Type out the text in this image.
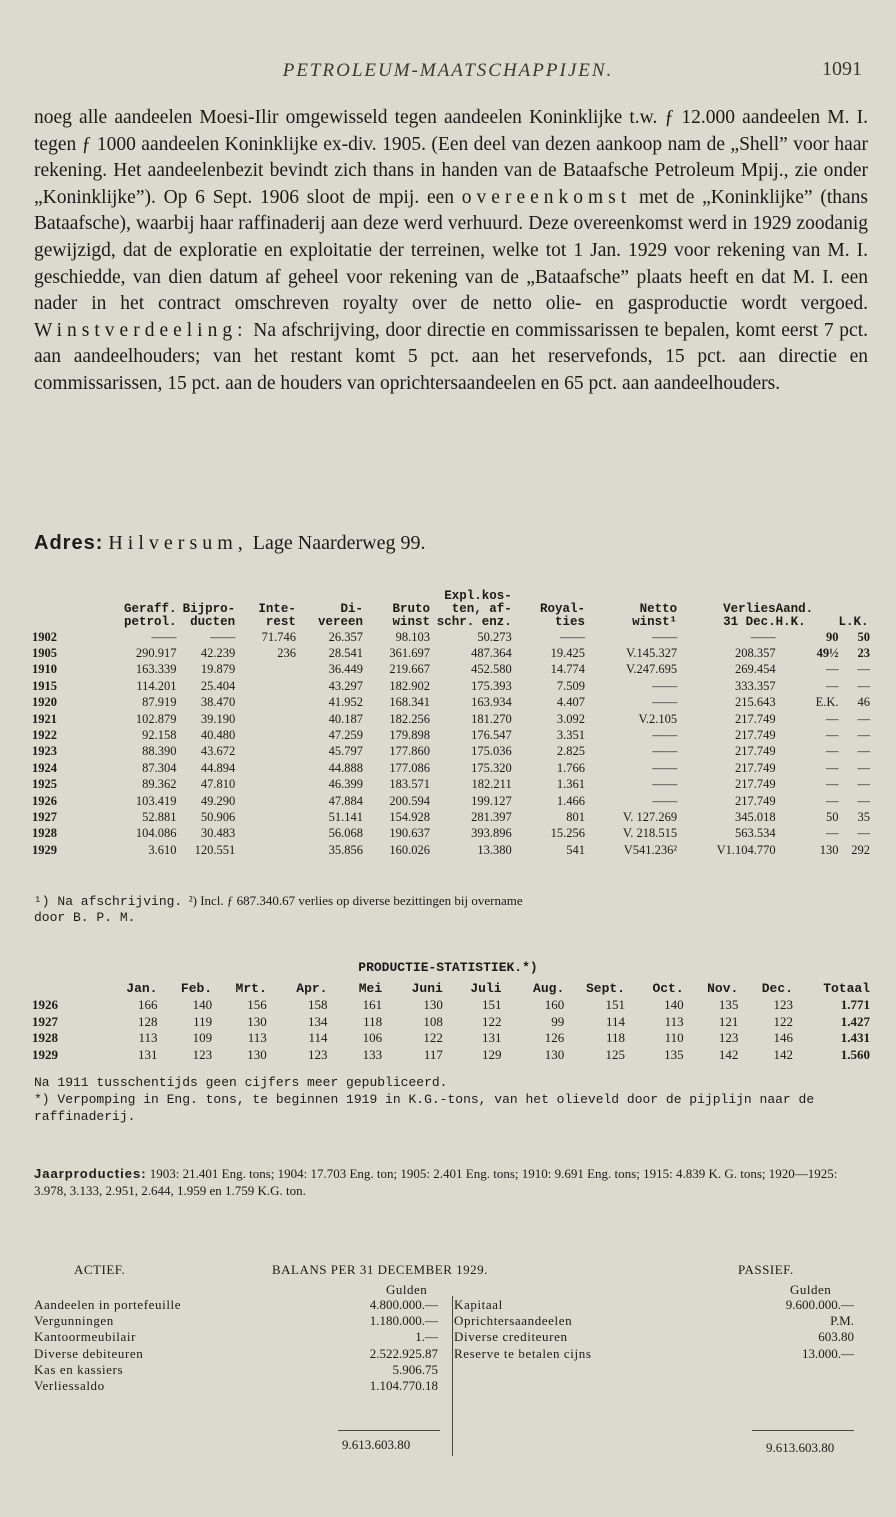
PETROLEUM-MAATSCHAPPIJEN.	1091
noeg alle aandeelen Moesi-Ilir omgewisseld tegen aandeelen Koninklijke t.w. ƒ 12.000 aandeelen M. I. tegen ƒ 1000 aandeelen Koninklijke ex-div. 1905. (Een deel van dezen aankoop nam de „Shell” voor haar rekening. Het aandeelenbezit bevindt zich thans in handen van de Bataafsche Petroleum Mpij., zie onder „Koninklijke”). Op 6 Sept. 1906 sloot de mpij. een overeenkomst met de „Koninklijke” (thans Bataafsche), waarbij haar raffinaderij aan deze werd verhuurd. Deze overeenkomst werd in 1929 zoodanig gewijzigd, dat de exploratie en exploitatie der terreinen, welke tot 1 Jan. 1929 voor rekening van M. I. geschiedde, van dien datum af geheel voor rekening van de „Bataafsche” plaats heeft en dat M. I. een nader in het contract omschreven royalty over de netto olie- en gasproductie wordt vergoed. Winstverdeeling: Na afschrijving, door directie en commissarissen te bepalen, komt eerst 7 pct. aan aandeelhouders; van het restant komt 5 pct. aan het reservefonds, 15 pct. aan directie en commissarissen, 15 pct. aan de houders van oprichtersaandeelen en 65 pct. aan aandeelhouders.
Adres: Hilversum, Lage Naarderweg 99.
						Expl.kos-					
	Geraff.	Bijpro-	Inte-	Di-	Bruto	ten, af-	Royal-	Netto	Verlies	Aand.	
	petrol.	ducten	rest	vereen	winst	schr. enz.	ties	winst¹	31 Dec.	H.K.	L.K.
1902	——	——	71.746	26.357	98.103	50.273	——	——	——	90	50
1905	290.917	42.239	236	28.541	361.697	487.364	19.425	V.145.327	208.357	49½	23
1910	163.339	19.879		36.449	219.667	452.580	14.774	V.247.695	269.454	—	—
1915	114.201	25.404		43.297	182.902	175.393	7.509	——	333.357	—	—
1920	87.919	38.470		41.952	168.341	163.934	4.407	——	215.643	E.K.	46
1921	102.879	39.190		40.187	182.256	181.270	3.092	V.2.105	217.749	—	—
1922	92.158	40.480		47.259	179.898	176.547	3.351	——	217.749	—	—
1923	88.390	43.672		45.797	177.860	175.036	2.825	——	217.749	—	—
1924	87.304	44.894		44.888	177.086	175.320	1.766	——	217.749	—	—
1925	89.362	47.810		46.399	183.571	182.211	1.361	——	217.749	—	—
1926	103.419	49.290		47.884	200.594	199.127	1.466	——	217.749	—	—
1927	52.881	50.906		51.141	154.928	281.397	801	V. 127.269	345.018	50	35
1928	104.086	30.483		56.068	190.637	393.896	15.256	V. 218.515	563.534	—	—
1929	3.610	120.551		35.856	160.026	13.380	541	V541.236²	V1.104.770	130	292
¹) Na afschrijving. ²) Incl. ƒ 687.340.67 verlies op diverse bezittingen bij overname
door B. P. M.
PRODUCTIE-STATISTIEK.*)
	Jan.	Feb.	Mrt.	Apr.	Mei	Juni	Juli	Aug.	Sept.	Oct.	Nov.	Dec.	Totaal
1926	166	140	156	158	161	130	151	160	151	140	135	123	1.771
1927	128	119	130	134	118	108	122	99	114	113	121	122	1.427
1928	113	109	113	114	106	122	131	126	118	110	123	146	1.431
1929	131	123	130	123	133	117	129	130	125	135	142	142	1.560
Na 1911 tusschentijds geen cijfers meer gepubliceerd.
*) Verpomping in Eng. tons, te beginnen 1919 in K.G.-tons, van het olieveld door de pijplijn naar de raffinaderij.
Jaarproducties: 1903: 21.401 Eng. tons; 1904: 17.703 Eng. ton; 1905: 2.401 Eng. tons; 1910: 9.691 Eng. tons; 1915: 4.839 K. G. tons; 1920—1925: 3.978, 3.133, 2.951, 2.644, 1.959 en 1.759 K.G. ton.
ACTIEF.	BALANS PER 31 DECEMBER 1929.	PASSIEF.
Gulden	Gulden
Aandeelen in portefeuille	4.800.000.—
Vergunningen	1.180.000.—
Kantoormeubilair	1.—
Diverse debiteuren	2.522.925.87
Kas en kassiers	5.906.75
Verliessaldo	1.104.770.18
Kapitaal	9.600.000.—
Oprichtersaandeelen	P.M.
Diverse crediteuren	603.80
Reserve te betalen cijns	13.000.—
9.613.603.80	9.613.603.80
